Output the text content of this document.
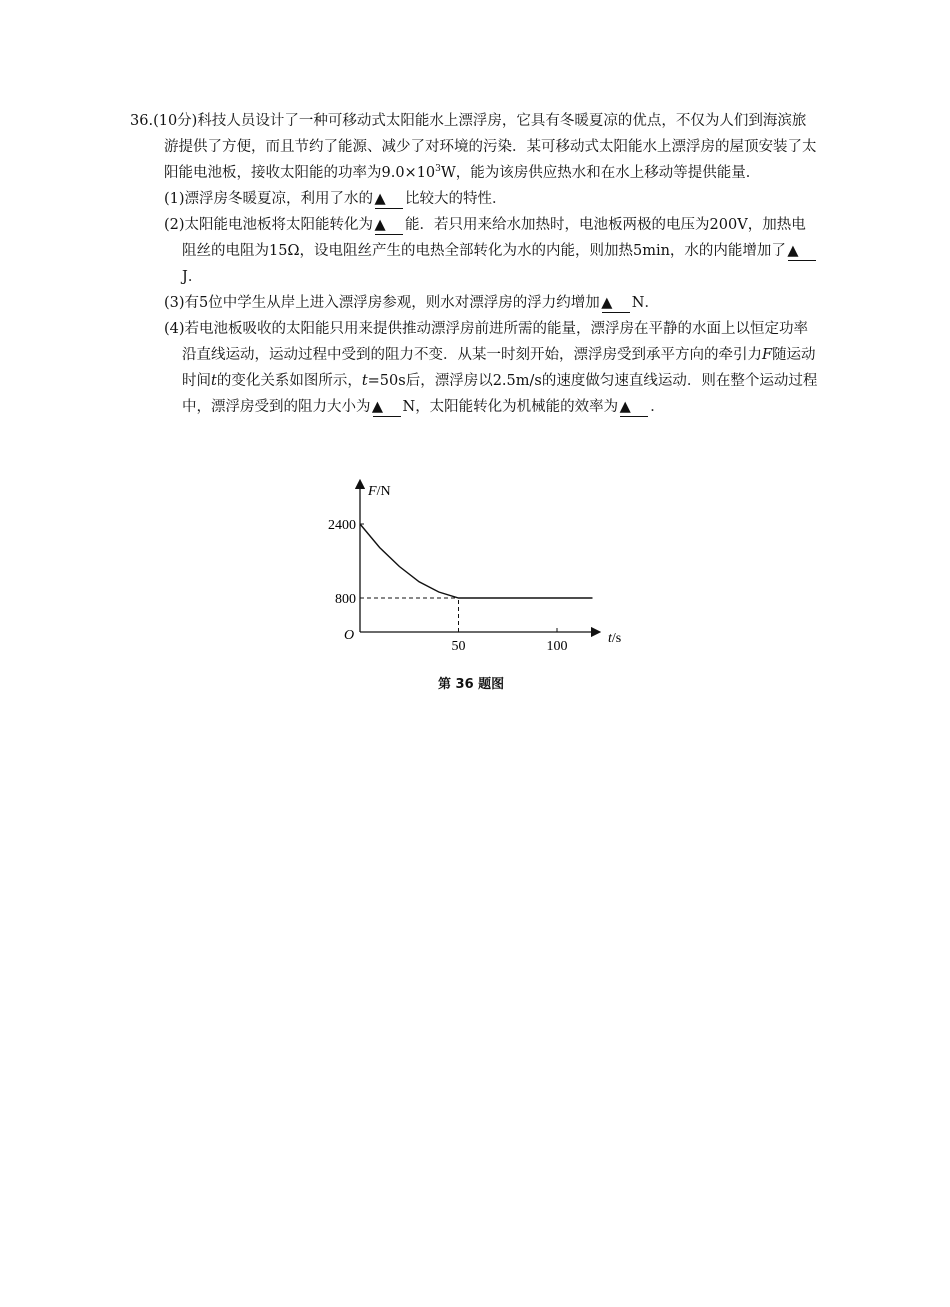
36.(10分)科技人员设计了一种可移动式太阳能水上漂浮房，它具有冬暖夏凉的优点，不仅为人们到海滨旅游提供了方便，而且节约了能源、减少了对环境的污染．某可移动式太阳能水上漂浮房的屋顶安装了太阳能电池板，接收太阳能的功率为$9.0\times 10^3W$，能为该房供应热水和在水上移动等提供能量．

(1)漂浮房冬暖夏凉，利用了水的▲ 比较大的特性．

(2)太阳能电池板将太阳能转化为▲ 能．若只用来给水加热时，电池板两极的电压为200V，加热电阻丝的电阻为15Ω，设电阻丝产生的电热全部转化为水的内能，则加热5min，水的内能增加了▲J．

(3)有5位中学生从岸上进入漂浮房参观，则水对漂浮房的浮力约增加▲ N．

(4)若电池板吸收的太阳能只用来提供推动漂浮房前进所需的能量，漂浮房在平静的水面上以恒定功率沿直线运动，运动过程中受到的阻力不变．从某一时刻开始，漂浮房受到承平方向的牵引力F随运动时间t的变化关系如图所示，t=50s后，漂浮房以2.5m/s的速度做匀速直线运动．则在整个运动过程中，漂浮房受到的阻力大小为▲ N，太阳能转化为机械能的效率为▲ ．

F/N
t/s
O
2400
800
50	100
第 36 题图
